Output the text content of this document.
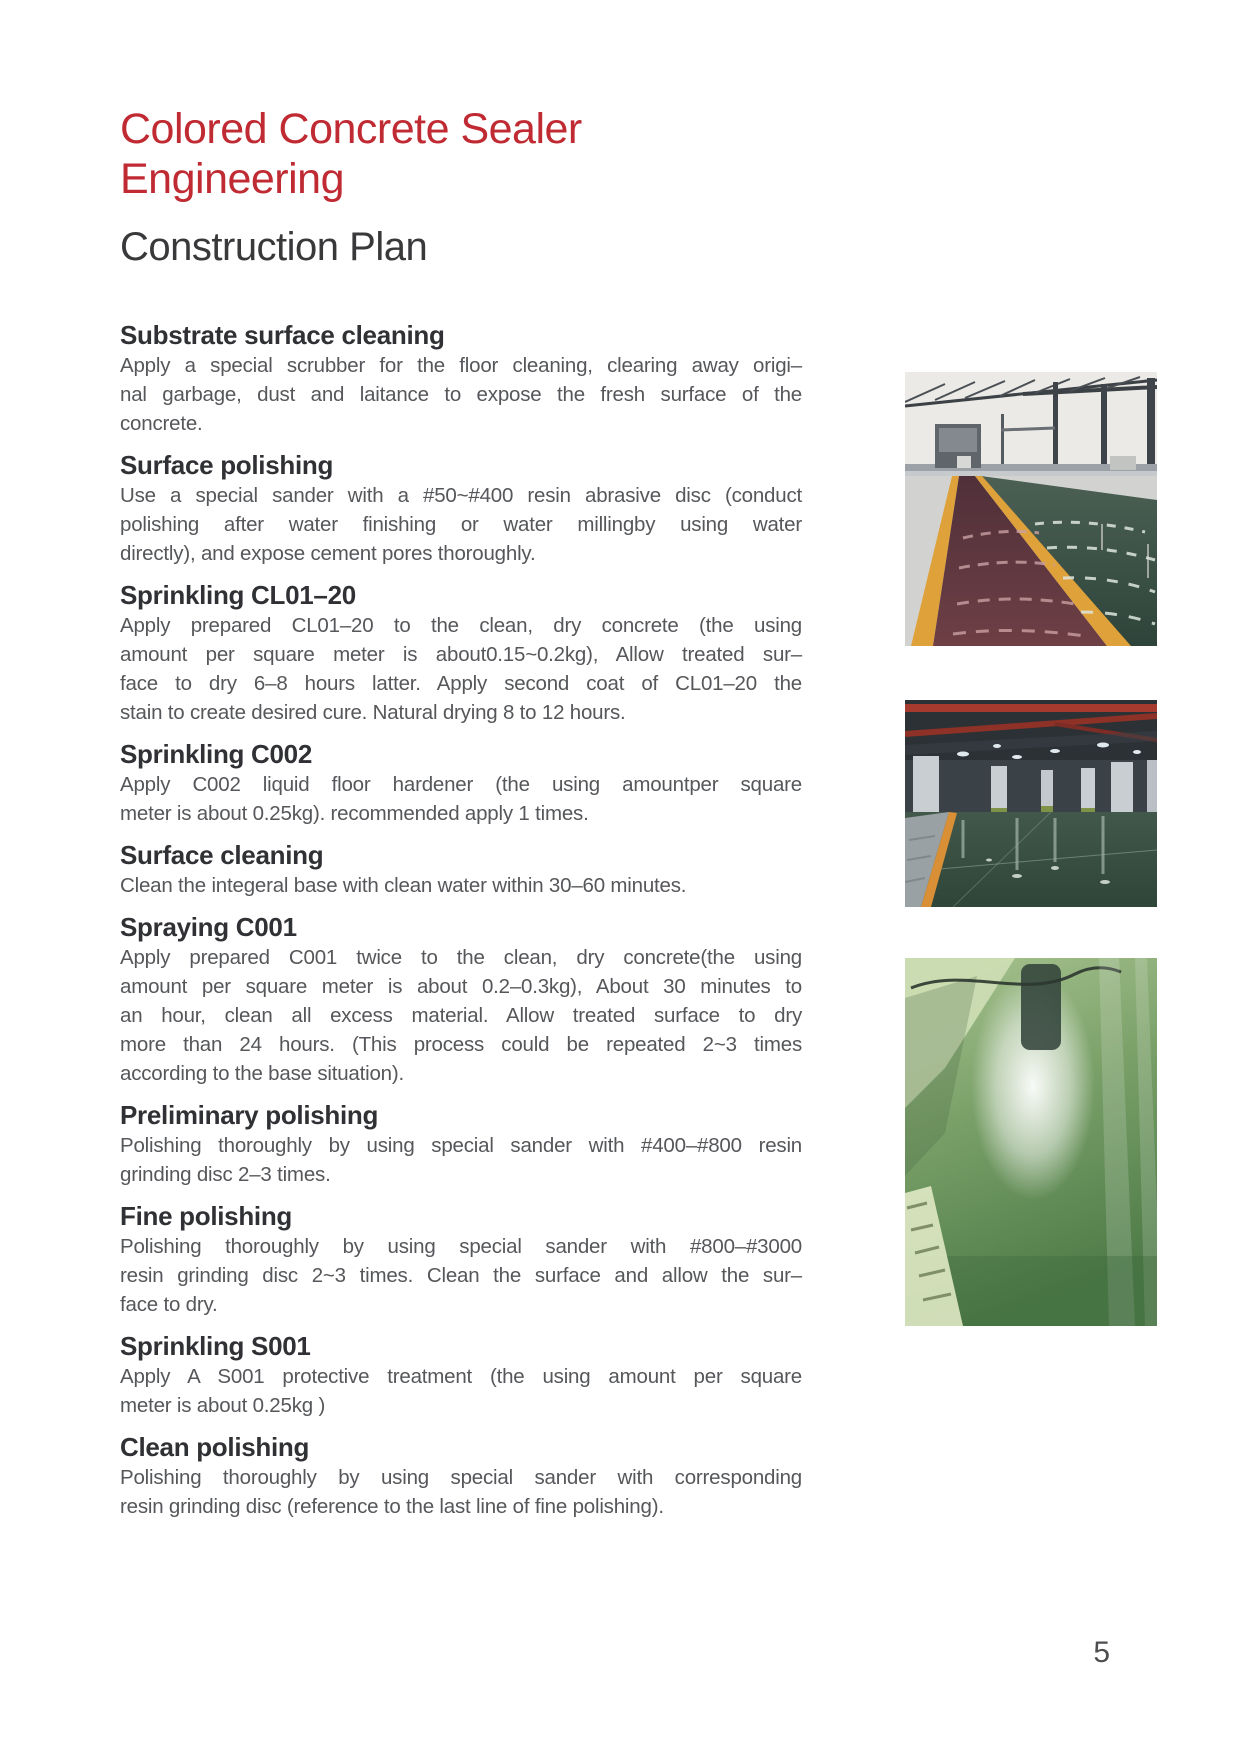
Colored Concrete Sealer Engineering
Construction Plan
Substrate surface cleaning
Apply a special scrubber for the floor cleaning, clearing away origi–
nal garbage, dust and laitance to expose the fresh surface of the
concrete.
Surface polishing
Use a special sander with a #50~#400 resin abrasive disc (conduct
polishing after water finishing or water millingby using water
directly), and expose cement pores thoroughly.
Sprinkling CL01–20
Apply prepared CL01–20 to the clean, dry concrete (the using
amount per square meter is about0.15~0.2kg), Allow treated sur–
face to dry 6–8 hours latter. Apply second coat of CL01–20 the
stain to create desired cure. Natural drying 8 to 12 hours.
Sprinkling C002
Apply C002 liquid floor hardener (the using amountper square
meter is about 0.25kg). recommended apply 1 times.
Surface cleaning
Clean the integeral base with clean water within 30–60 minutes.
Spraying C001
Apply prepared C001 twice to the clean, dry concrete(the using
amount per square meter is about 0.2–0.3kg), About 30 minutes to
an hour, clean all excess material. Allow treated surface to dry
more than 24 hours. (This process could be repeated 2~3 times
according to the base situation).
Preliminary polishing
Polishing thoroughly by using special sander with #400–#800 resin
grinding disc 2–3 times.
Fine polishing
Polishing thoroughly by using special sander with #800–#3000
resin grinding disc 2~3 times. Clean the surface and allow the sur–
face to dry.
Sprinkling S001
Apply A S001 protective treatment (the using amount per square
meter is about 0.25kg )
Clean polishing
Polishing thoroughly by using special sander with corresponding
resin grinding disc (reference to the last line of fine polishing).
5
